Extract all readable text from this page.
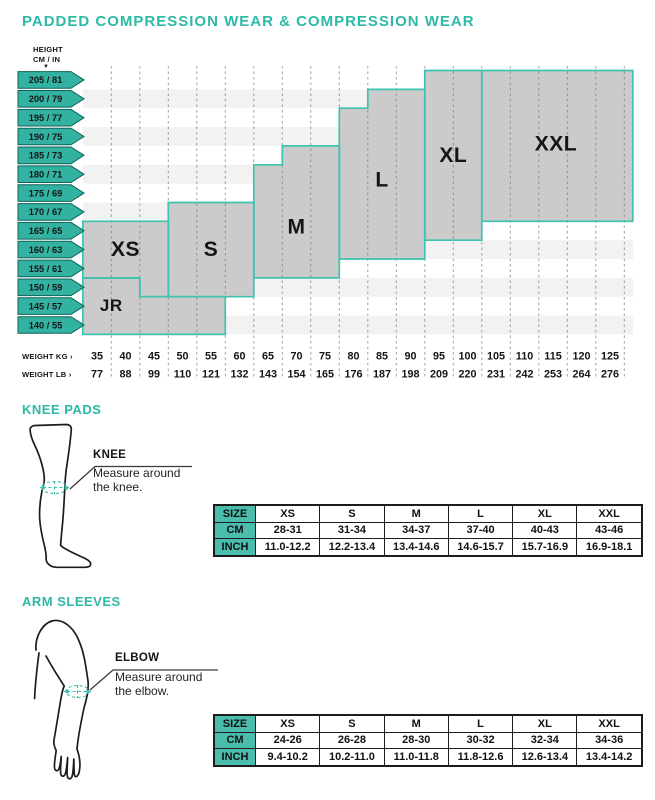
PADDED COMPRESSION WEAR & COMPRESSION WEAR
HEIGHT
CM / IN
▼
JR
XS	S
M
L
XL	XXL
205 / 81
200 / 79
195 / 77
190 / 75
185 / 73
180 / 71
175 / 69
170 / 67
165 / 65
160 / 63
155 / 61
150 / 59
145 / 57
140 / 55
35 40 45 50 55 60 65 70 75 80 85 90 95 100 105 110 115 120 125
77 88 99 110 121 132 143 154 165 176 187 198 209 220 231 242 253 264 276
WEIGHT KG ›
WEIGHT LB ›
KNEE PADS
KNEE
Measure around
the knee.
SIZE	XS	S	M	L	XL	XXL
CM	28-31	31-34	34-37	37-40	40-43	43-46
INCH	11.0-12.2	12.2-13.4	13.4-14.6	14.6-15.7	15.7-16.9	16.9-18.1
ARM SLEEVES
ELBOW
Measure around
the elbow.
SIZE	XS	S	M	L	XL	XXL
CM	24-26	26-28	28-30	30-32	32-34	34-36
INCH	9.4-10.2	10.2-11.0	11.0-11.8	11.8-12.6	12.6-13.4	13.4-14.2
